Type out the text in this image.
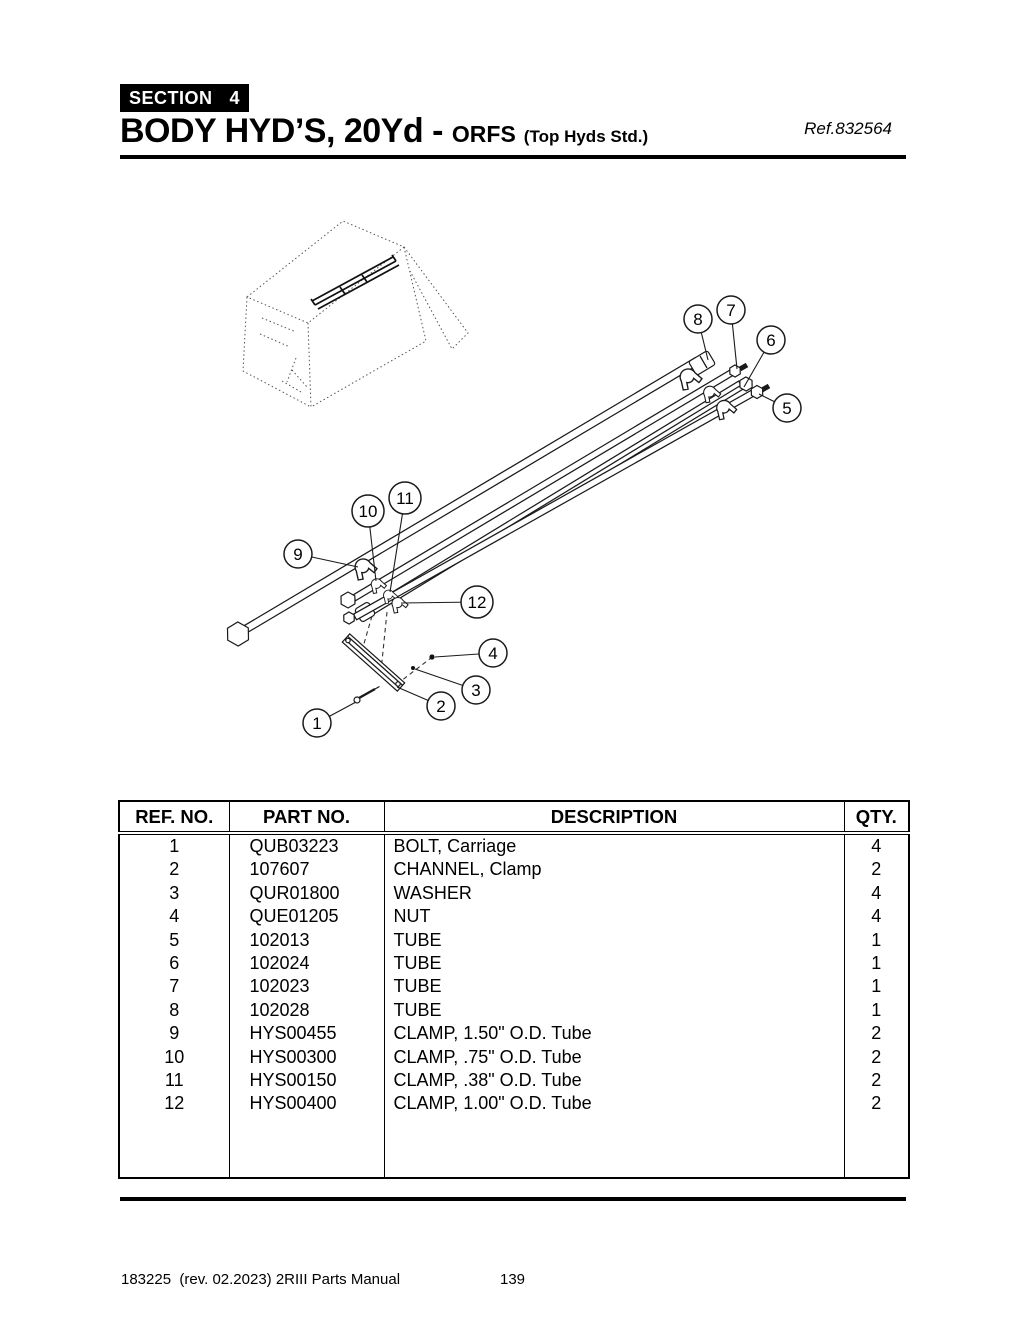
SECTION 4
BODY HYD’S, 20Yd - ORFS (Top Hyds Std.)	Ref.832564
1
2
3
4
5
6
7
8
9
10
11
12
REF. NO.	PART NO.	DESCRIPTION	QTY.
1	QUB03223	BOLT, Carriage	4
2	107607	CHANNEL, Clamp	2
3	QUR01800	WASHER	4
4	QUE01205	NUT	4
5	102013	TUBE	1
6	102024	TUBE	1
7	102023	TUBE	1
8	102028	TUBE	1
9	HYS00455	CLAMP, 1.50" O.D. Tube	2
10	HYS00300	CLAMP, .75" O.D. Tube	2
11	HYS00150	CLAMP, .38" O.D. Tube	2
12	HYS00400	CLAMP, 1.00" O.D. Tube	2

183225  (rev. 02.2023) 2RIII Parts Manual	139
